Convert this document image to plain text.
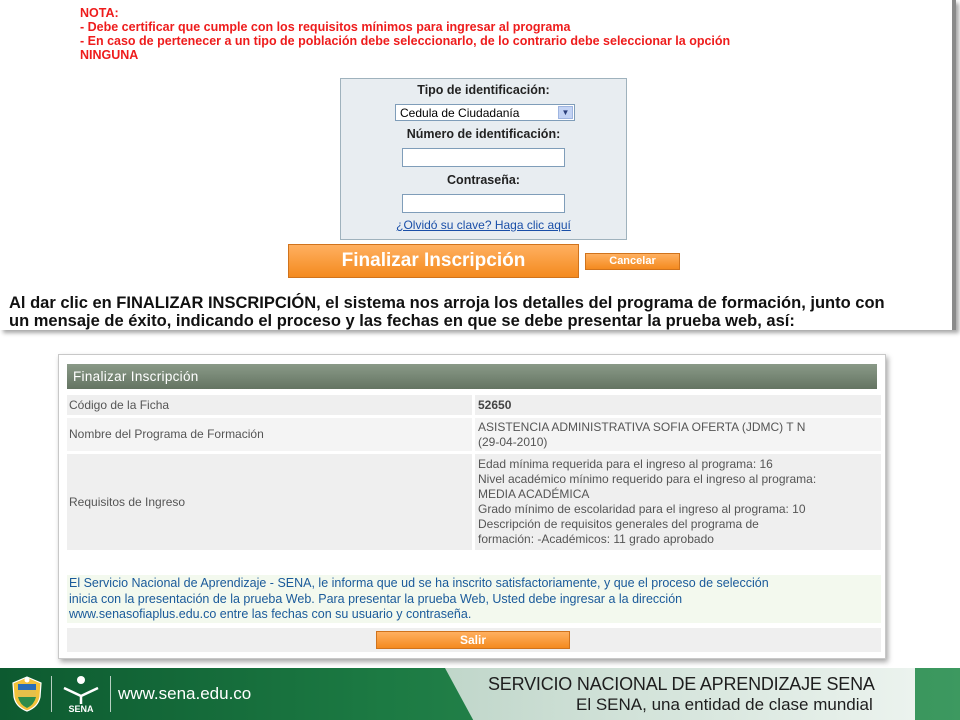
NOTA:
- Debe certificar que cumple con los requisitos mínimos para ingresar al programa
- En caso de pertenecer a un tipo de población debe seleccionarlo, de lo contrario debe seleccionar la opción
NINGUNA
Tipo de identificación:
Cedula de Ciudadanía	▼
Número de identificación:
Contraseña:
¿Olvidó su clave? Haga clic aquí
Finalizar Inscripción	Cancelar
Al dar clic en FINALIZAR INSCRIPCIÓN, el sistema nos arroja los detalles del programa de formación, junto con
un mensaje de éxito, indicando el proceso y las fechas en que se debe presentar la prueba web, así:
Finalizar Inscripción
Código de la Ficha	52650
Nombre del Programa de Formación	ASISTENCIA ADMINISTRATIVA SOFIA OFERTA (JDMC) T N
(29-04-2010)
Requisitos de Ingreso
Edad mínima requerida para el ingreso al programa: 16
Nivel académico mínimo requerido para el ingreso al programa:
MEDIA ACADÉMICA
Grado mínimo de escolaridad para el ingreso al programa: 10
Descripción de requisitos generales del programa de
formación: -Académicos: 11 grado aprobado
El Servicio Nacional de Aprendizaje - SENA, le informa que ud se ha inscrito satisfactoriamente, y que el proceso de selección
inicia con la presentación de la prueba Web. Para presentar la prueba Web, Usted debe ingresar a la dirección
www.senasofiaplus.edu.co entre las fechas con su usuario y contraseña.
Salir
SENA
www.sena.edu.co	SERVICIO NACIONAL DE APRENDIZAJE SENA
El SENA, una entidad de clase mundial
